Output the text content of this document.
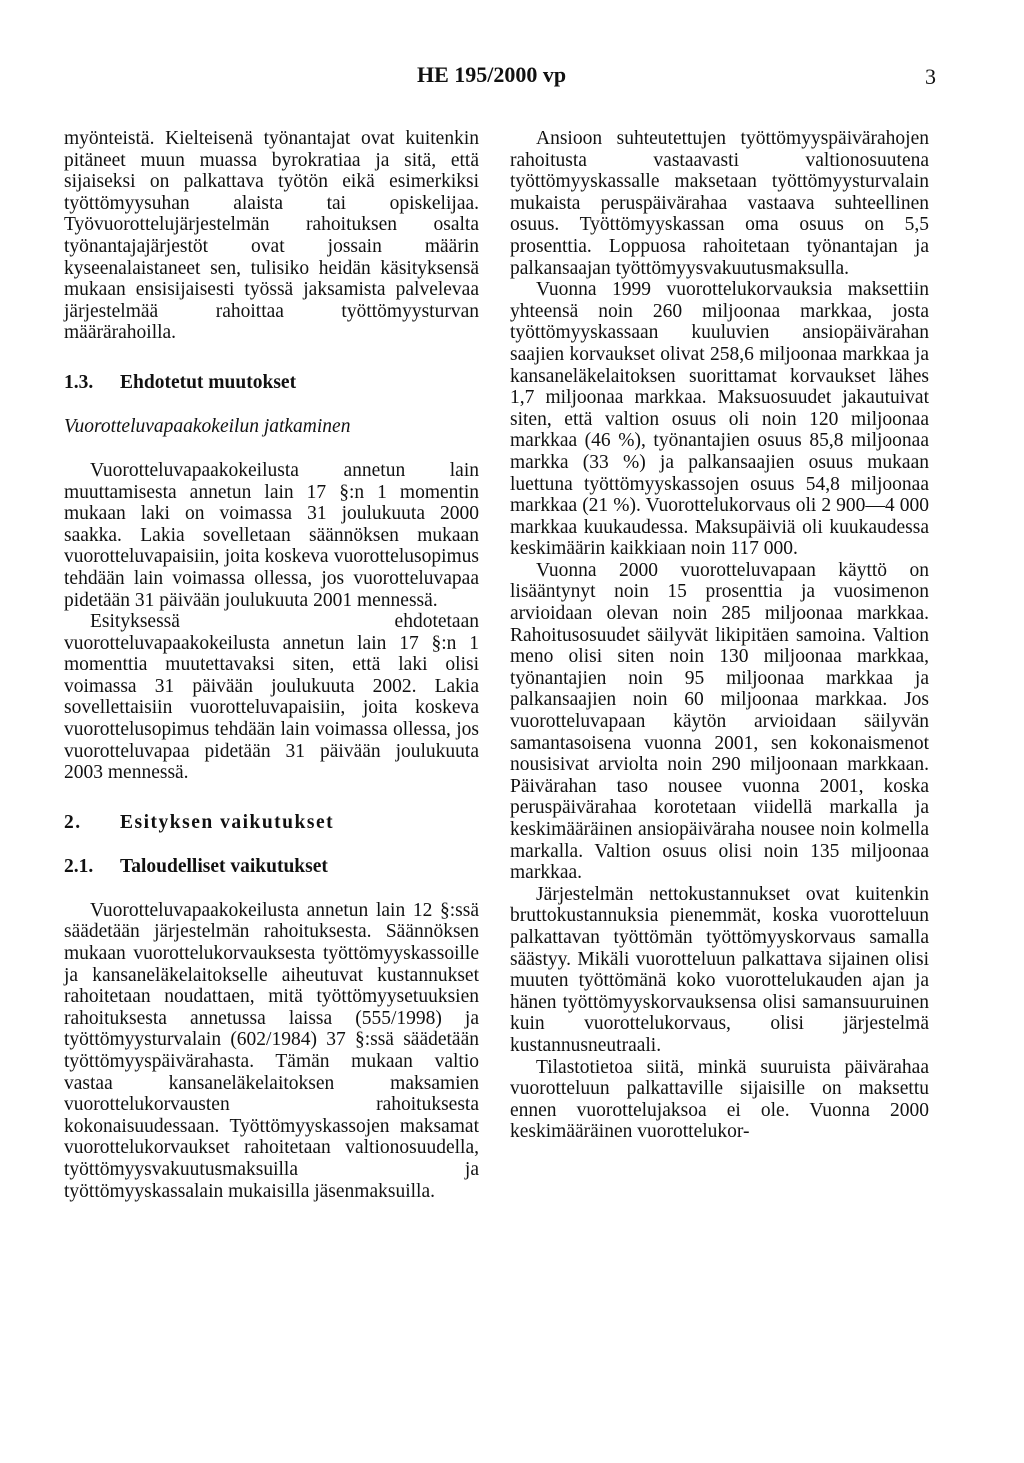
HE 195/2000 vp	3

myönteistä. Kielteisenä työnantajat ovat kuitenkin pitäneet muun muassa byrokratiaa ja sitä, että sijaiseksi on palkattava työtön eikä esimerkiksi työttömyysuhan alaista tai opiskelijaa. Työvuorottelujärjestelmän rahoituksen osalta työnantajajärjestöt ovat jossain määrin kyseenalaistaneet sen, tulisiko heidän käsityksensä mukaan ensisijaisesti työssä jaksamista palvelevaa järjestelmää rahoittaa työttömyysturvan määrärahoilla.

1.3. Ehdotetut muutokset

Vuorotteluvapaakokeilun jatkaminen

Vuorotteluvapaakokeilusta annetun lain muuttamisesta annetun lain 17 §:n 1 momentin mukaan laki on voimassa 31 joulukuuta 2000 saakka. Lakia sovelletaan säännöksen mukaan vuorotteluvapaisiin, joita koskeva vuorottelusopimus tehdään lain voimassa ollessa, jos vuorotteluvapaa pidetään 31 päivään joulukuuta 2001 mennessä.

Esityksessä ehdotetaan vuorotteluvapaakokeilusta annetun lain 17 §:n 1 momenttia muutettavaksi siten, että laki olisi voimassa 31 päivään joulukuuta 2002. Lakia sovellettaisiin vuorotteluvapaisiin, joita koskeva vuorottelusopimus tehdään lain voimassa ollessa, jos vuorotteluvapaa pidetään 31 päivään joulukuuta 2003 mennessä.

2. Esityksen vaikutukset

2.1. Taloudelliset vaikutukset

Vuorotteluvapaakokeilusta annetun lain 12 §:ssä säädetään järjestelmän rahoituksesta. Säännöksen mukaan vuorottelukorvauksesta työttömyyskassoille ja kansaneläkelaitokselle aiheutuvat kustannukset rahoitetaan noudattaen, mitä työttömyysetuuksien rahoituksesta annetussa laissa (555/1998) ja työttömyysturvalain (602/1984) 37 §:ssä säädetään työttömyyspäivärahasta. Tämän mukaan valtio vastaa kansaneläkelaitoksen maksamien vuorottelukorvausten rahoituksesta kokonaisuudessaan. Työttömyyskassojen maksamat vuorottelukorvaukset rahoitetaan valtionosuudella, työttömyysvakuutusmaksuilla ja työttömyyskassalain mukaisilla jäsenmaksuilla.

Ansioon suhteutettujen työttömyyspäivärahojen rahoitusta vastaavasti valtionosuutena työttömyyskassalle maksetaan työttömyysturvalain mukaista peruspäivärahaa vastaava suhteellinen osuus. Työttömyyskassan oma osuus on 5,5 prosenttia. Loppuosa rahoitetaan työnantajan ja palkansaajan työttömyysvakuutusmaksulla.

Vuonna 1999 vuorottelukorvauksia maksettiin yhteensä noin 260 miljoonaa markkaa, josta työttömyyskassaan kuuluvien ansiopäivärahan saajien korvaukset olivat 258,6 miljoonaa markkaa ja kansaneläkelaitoksen suorittamat korvaukset lähes 1,7 miljoonaa markkaa. Maksuosuudet jakautuivat siten, että valtion osuus oli noin 120 miljoonaa markkaa (46 %), työnantajien osuus 85,8 miljoonaa markka (33 %) ja palkansaajien osuus mukaan luettuna työttömyyskassojen osuus 54,8 miljoonaa markkaa (21 %). Vuorottelukorvaus oli 2 900—4 000 markkaa kuukaudessa. Maksupäiviä oli kuukaudessa keskimäärin kaikkiaan noin 117 000.

Vuonna 2000 vuorotteluvapaan käyttö on lisääntynyt noin 15 prosenttia ja vuosimenon arvioidaan olevan noin 285 miljoonaa markkaa. Rahoitusosuudet säilyvät likipitäen samoina. Valtion meno olisi siten noin 130 miljoonaa markkaa, työnantajien noin 95 miljoonaa markkaa ja palkansaajien noin 60 miljoonaa markkaa. Jos vuorotteluvapaan käytön arvioidaan säilyvän samantasoisena vuonna 2001, sen kokonaismenot nousisivat arviolta noin 290 miljoonaan markkaan. Päivärahan taso nousee vuonna 2001, koska peruspäivärahaa korotetaan viidellä markalla ja keskimääräinen ansiopäiväraha nousee noin kolmella markalla. Valtion osuus olisi noin 135 miljoonaa markkaa.

Järjestelmän nettokustannukset ovat kuitenkin bruttokustannuksia pienemmät, koska vuorotteluun palkattavan työttömän työttömyyskorvaus samalla säästyy. Mikäli vuorotteluun palkattava sijainen olisi muuten työttömänä koko vuorottelukauden ajan ja hänen työttömyyskorvauksensa olisi samansuuruinen kuin vuorottelukorvaus, olisi järjestelmä kustannusneutraali.

Tilastotietoa siitä, minkä suuruista päivärahaa vuorotteluun palkattaville sijaisille on maksettu ennen vuorottelujaksoa ei ole. Vuonna 2000 keskimääräinen vuorottelukor-
